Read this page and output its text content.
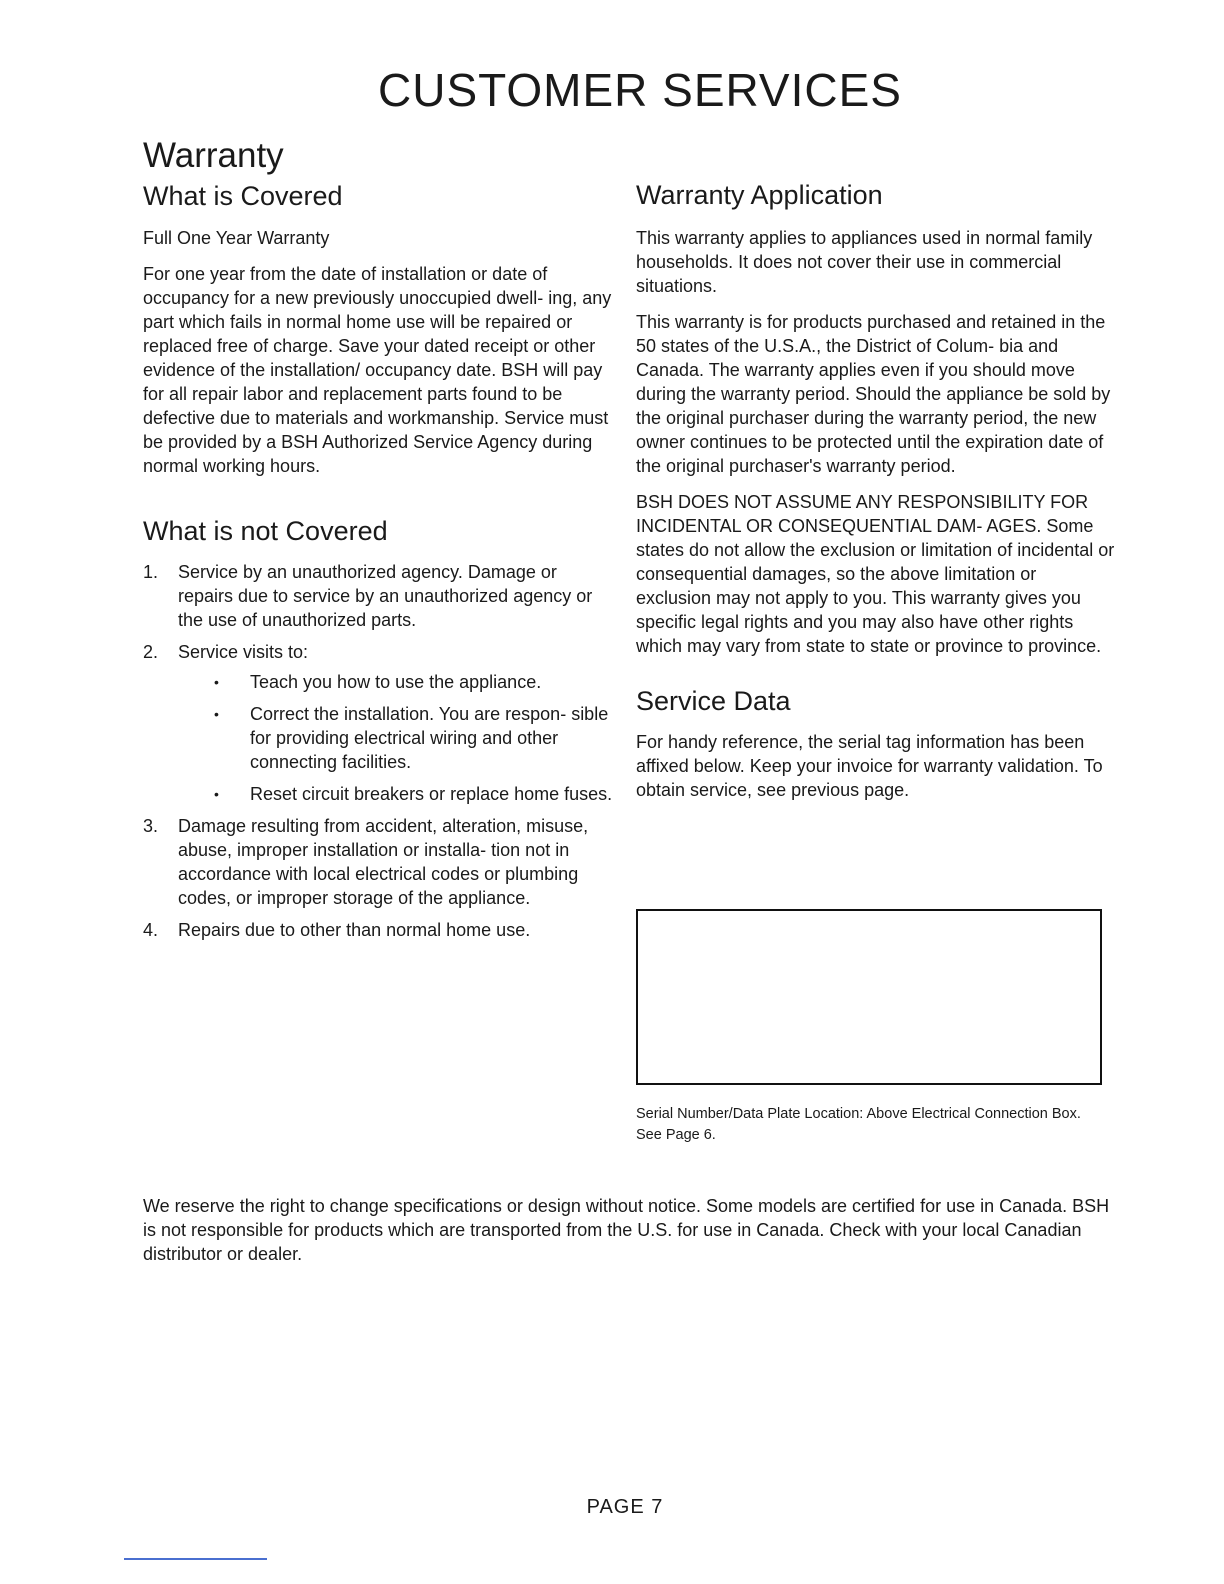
CUSTOMER SERVICES
Warranty
What is Covered

Full One Year Warranty

For one year from the date of installation or date of occupancy for a new previously unoccupied dwell- ing, any part which fails in normal home use will be repaired or replaced free of charge. Save your dated receipt or other evidence of the installation/ occupancy date. BSH will pay for all repair labor and replacement parts found to be defective due to materials and workmanship. Service must be provided by a BSH Authorized Service Agency during normal working hours.

What is not Covered
1. Service by an unauthorized agency. Damage or repairs due to service by an unauthorized agency or the use of unauthorized parts.
2. Service visits to:
• Teach you how to use the appliance.
• Correct the installation. You are respon- sible for providing electrical wiring and other connecting facilities.
• Reset circuit breakers or replace home fuses.
3. Damage resulting from accident, alteration, misuse, abuse, improper installation or installa- tion not in accordance with local electrical codes or plumbing codes, or improper storage of the appliance.
4. Repairs due to other than normal home use.
Warranty Application

This warranty applies to appliances used in normal family households. It does not cover their use in commercial situations.

This warranty is for products purchased and retained in the 50 states of the U.S.A., the District of Colum- bia and Canada. The warranty applies even if you should move during the warranty period. Should the appliance be sold by the original purchaser during the warranty period, the new owner continues to be protected until the expiration date of the original purchaser's warranty period.

BSH DOES NOT ASSUME ANY RESPONSIBILITY FOR INCIDENTAL OR CONSEQUENTIAL DAM- AGES. Some states do not allow the exclusion or limitation of incidental or consequential damages, so the above limitation or exclusion may not apply to you. This warranty gives you specific legal rights and you may also have other rights which may vary from state to state or province to province.

Service Data

For handy reference, the serial tag information has been affixed below. Keep your invoice for warranty validation. To obtain service, see previous page.

Serial Number/Data Plate Location: Above Electrical Connection Box. See Page 6.
We reserve the right to change specifications or design without notice. Some models are certified for use in Canada. BSH is not responsible for products which are transported from the U.S. for use in Canada. Check with your local Canadian distributor or dealer.
PAGE 7
